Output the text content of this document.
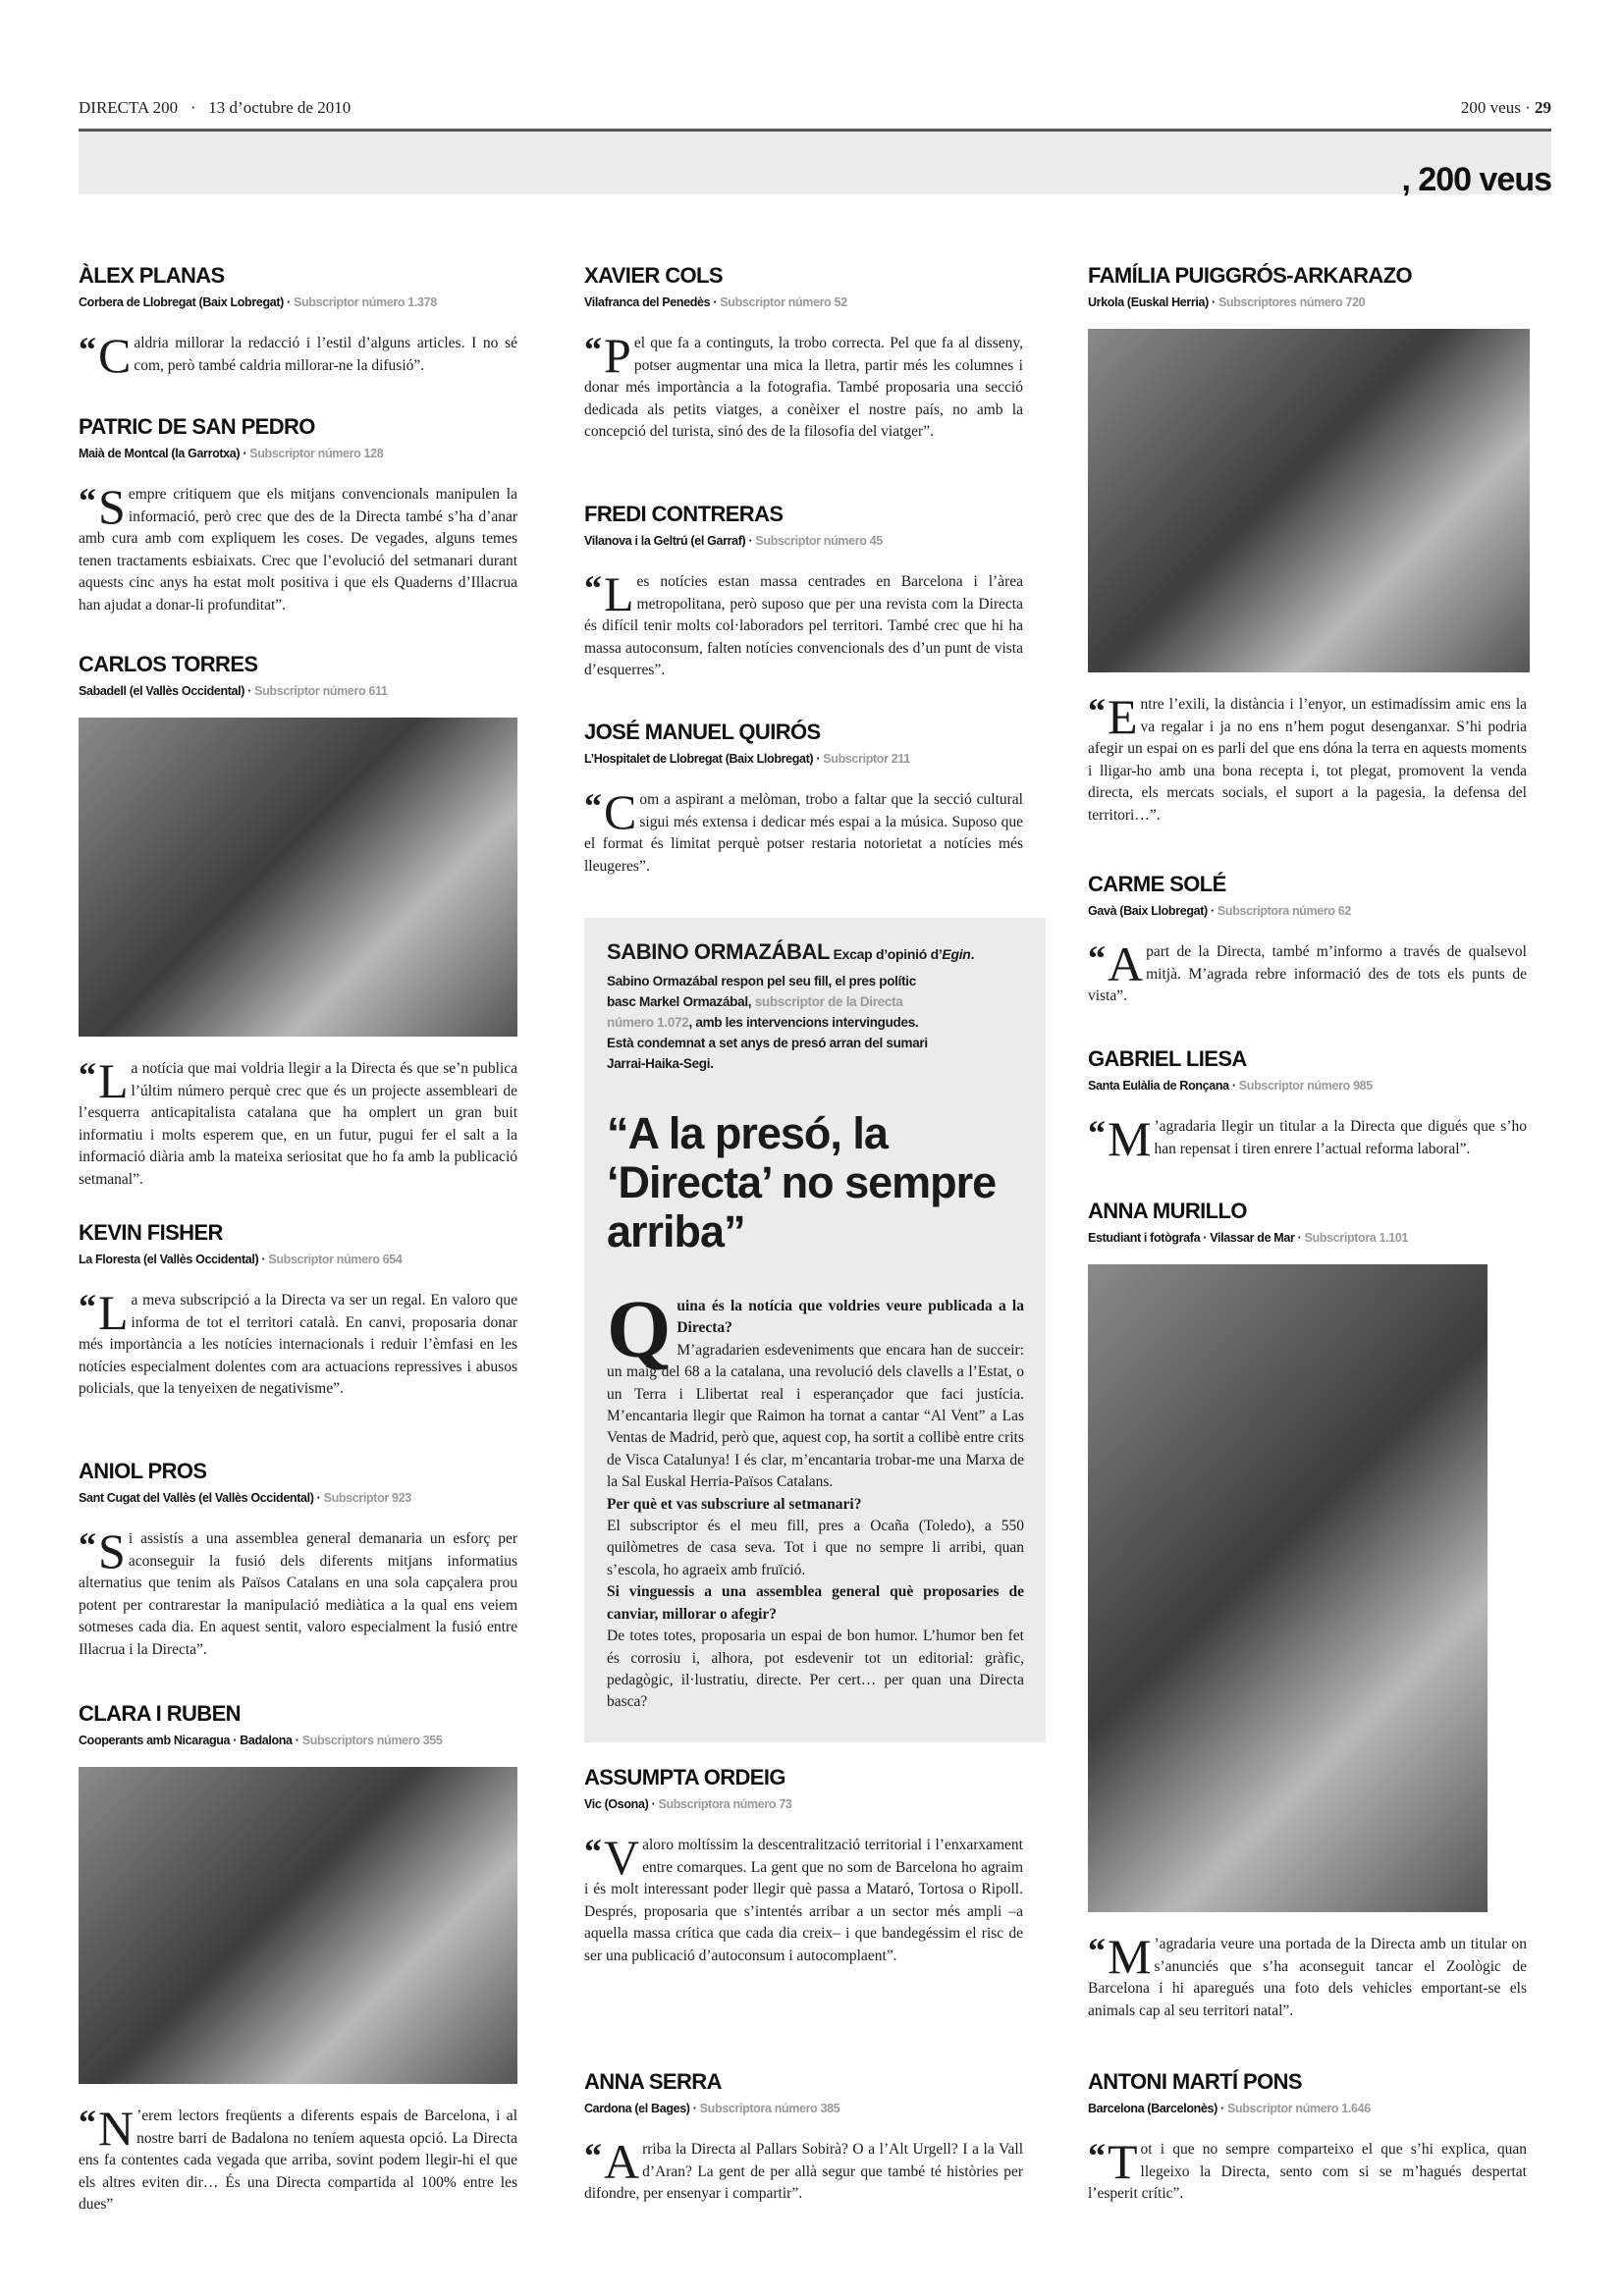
DIRECTA 200 · 13 d’octubre de 2010	200 veus · 29
, 200 veus
ÀLEX PLANAS
Corbera de Llobregat (Baix Lobregat) · Subscriptor número 1.378
“ C aldria millorar la redacció i l’estil d’alguns articles. I no sé com, però també caldria millorar-ne la difusió”.
PATRIC DE SAN PEDRO
Maià de Montcal (la Garrotxa) · Subscriptor número 128
“ S empre critiquem que els mitjans convencionals manipulen la informació, però crec que des de la Directa també s’ha d’anar amb cura amb com expliquem les coses. De vegades, alguns temes tenen tractaments esbiaixats. Crec que l’evolució del setmanari durant aquests cinc anys ha estat molt positiva i que els Quaderns d’Illacrua han ajudat a donar-li profunditat”.
CARLOS TORRES
Sabadell (el Vallès Occidental) · Subscriptor número 611
“ L a notícia que mai voldria llegir a la Directa és que se’n publica l’últim número perquè crec que és un projecte assembleari de l’esquerra anticapitalista catalana que ha omplert un gran buit informatiu i molts esperem que, en un futur, pugui fer el salt a la informació diària amb la mateixa seriositat que ho fa amb la publicació setmanal”.
KEVIN FISHER
La Floresta (el Vallès Occidental) · Subscriptor número 654
“ L a meva subscripció a la Directa va ser un regal. En valoro que informa de tot el territori català. En canvi, proposaria donar més importància a les notícies internacionals i reduir l’èmfasi en les notícies especialment dolentes com ara actuacions repressives i abusos policials, que la tenyeixen de negativisme”.
ANIOL PROS
Sant Cugat del Vallès (el Vallès Occidental) · Subscriptor 923
“ S i assistís a una assemblea general demanaria un esforç per aconseguir la fusió dels diferents mitjans informatius alternatius que tenim als Països Catalans en una sola capçalera prou potent per contrarestar la manipulació mediàtica a la qual ens veiem sotmeses cada dia. En aquest sentit, valoro especialment la fusió entre Illacrua i la Directa”.
CLARA I RUBEN
Cooperants amb Nicaragua · Badalona · Subscriptors número 355
“ N ’erem lectors freqüents a diferents espais de Barcelona, i al nostre barri de Badalona no teníem aquesta opció. La Directa ens fa contentes cada vegada que arriba, sovint podem llegir-hi el que els altres eviten dir… És una Directa compartida al 100% entre les dues”
XAVIER COLS
Vilafranca del Penedès · Subscriptor número 52
“ P el que fa a continguts, la trobo correcta. Pel que fa al disseny, potser augmentar una mica la lletra, partir més les columnes i donar més importància a la fotografia. També proposaria una secció dedicada als petits viatges, a conèixer el nostre país, no amb la concepció del turista, sinó des de la filosofia del viatger”.
FREDI CONTRERAS
Vilanova i la Geltrú (el Garraf) · Subscriptor número 45
“ L es notícies estan massa centrades en Barcelona i l’àrea metropolitana, però suposo que per una revista com la Directa és difícil tenir molts col·laboradors pel territori. També crec que hi ha massa autoconsum, falten notícies convencionals des d’un punt de vista d’esquerres”.
JOSÉ MANUEL QUIRÓS
L’Hospitalet de Llobregat (Baix Llobregat) · Subscriptor 211
“ C om a aspirant a melòman, trobo a faltar que la secció cultural sigui més extensa i dedicar més espai a la música. Suposo que el format és limitat perquè potser restaria notorietat a notícies més lleugeres”.
ASSUMPTA ORDEIG
Vic (Osona) · Subscriptora número 73
“ V aloro moltíssim la descentralització territorial i l’enxarxament entre comarques. La gent que no som de Barcelona ho agraim i és molt interessant poder llegir què passa a Mataró, Tortosa o Ripoll. Després, proposaria que s’intentés arribar a un sector més ampli –a aquella massa crítica que cada dia creix– i que bandegéssim el risc de ser una publicació d’autoconsum i autocomplaent”.
ANNA SERRA
Cardona (el Bages) · Subscriptora número 385
“ A rriba la Directa al Pallars Sobirà? O a l’Alt Urgell? I a la Vall d’Aran? La gent de per allà segur que també té històries per difondre, per ensenyar i compartir”.
FAMÍLIA PUIGGRÓS-ARKARAZO
Urkola (Euskal Herria) · Subscriptores número 720
“ E ntre l’exili, la distància i l’enyor, un estimadíssim amic ens la va regalar i ja no ens n’hem pogut desenganxar. S’hi podria afegir un espai on es parli del que ens dóna la terra en aquests moments i lligar-ho amb una bona recepta i, tot plegat, promovent la venda directa, els mercats socials, el suport a la pagesia, la defensa del territori…”.
CARME SOLÉ
Gavà (Baix Llobregat) · Subscriptora número 62
“ A part de la Directa, també m’informo a través de qualsevol mitjà. M’agrada rebre informació des de tots els punts de vista”.
GABRIEL LIESA
Santa Eulàlia de Ronçana · Subscriptor número 985
“ M ’agradaria llegir un titular a la Directa que digués que s’ho han repensat i tiren enrere l’actual reforma laboral”.
ANNA MURILLO
Estudiant i fotògrafa · Vilassar de Mar · Subscriptora 1.101
“ M ’agradaria veure una portada de la Directa amb un titular on s’anunciés que s’ha aconseguit tancar el Zoològic de Barcelona i hi aparegués una foto dels vehicles emportant-se els animals cap al seu territori natal”.
ANTONI MARTÍ PONS
Barcelona (Barcelonès) · Subscriptor número 1.646
“ T ot i que no sempre comparteixo el que s’hi explica, quan llegeixo la Directa, sento com si se m’hagués despertat l’esperit crític”.
SABINO ORMAZÁBAL Excap d’opinió d’Egin.
Sabino Ormazábal respon pel seu fill, el pres polític basc Markel Ormazábal, subscriptor de la Directa número 1.072, amb les intervencions intervingudes. Està condemnat a set anys de presó arran del sumari Jarrai-Haika-Segi.
“A la presó, la ‘Directa’ no sempre arriba”
Q uina és la notícia que voldries veure publicada a la Directa?
M’agradarien esdeveniments que encara han de succeir: un maig del 68 a la catalana, una revolució dels clavells a l’Estat, o un Terra i Llibertat real i esperançador que faci justícia. M’encantaria llegir que Raimon ha tornat a cantar “Al Vent” a Las Ventas de Madrid, però que, aquest cop, ha sortit a collibè entre crits de Visca Catalunya! I és clar, m’encantaria trobar-me una Marxa de la Sal Euskal Herria-Països Catalans.
Per què et vas subscriure al setmanari?
El subscriptor és el meu fill, pres a Ocaña (Toledo), a 550 quilòmetres de casa seva. Tot i que no sempre li arribi, quan s’escola, ho agraeix amb fruïció.
Si vinguessis a una assemblea general què proposaries de canviar, millorar o afegir?
De totes totes, proposaria un espai de bon humor. L’humor ben fet és corrosiu i, alhora, pot esdevenir tot un editorial: gràfic, pedagògic, il·lustratiu, directe. Per cert… per quan una Directa basca?
